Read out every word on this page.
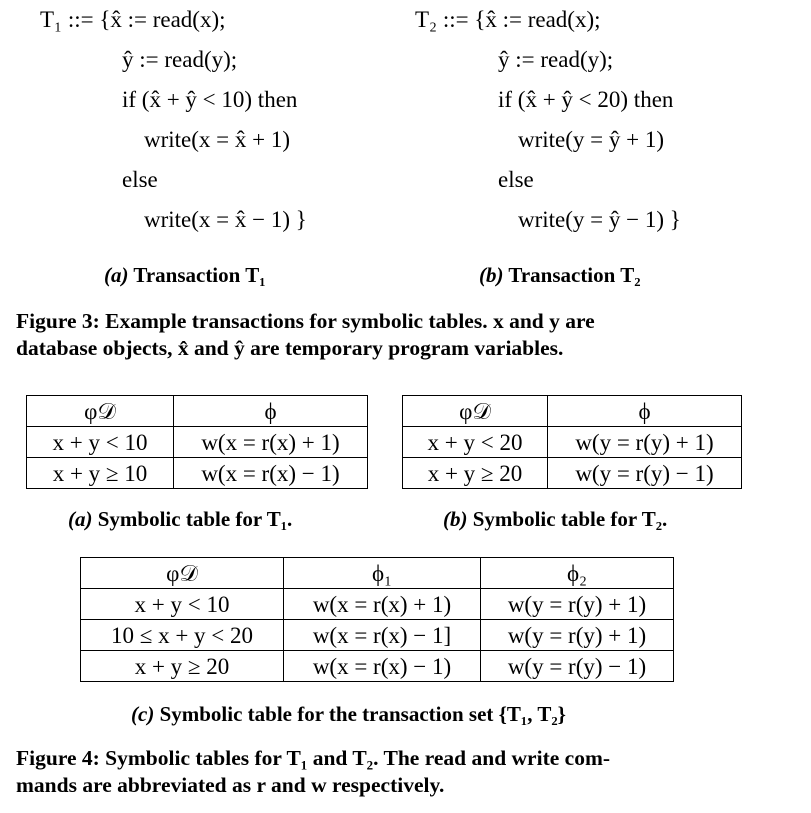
T₁ ::= {x̂ := read(x);
ŷ := read(y);
if (x̂ + ŷ < 10) then
write(x = x̂ + 1)
else
write(x = x̂ − 1) }
(a) Transaction T₁
T₂ ::= {x̂ := read(x);
ŷ := read(y);
if (x̂ + ŷ < 20) then
write(y = ŷ + 1)
else
write(y = ŷ − 1) }
(b) Transaction T₂
Figure 3: Example transactions for symbolic tables. x and y are
database objects, x̂ and ŷ are temporary program variables.
φ𝒟	ϕ
x + y < 10	w(x = r(x) + 1)
x + y ≥ 10	w(x = r(x) − 1)
(a) Symbolic table for T₁.
φ𝒟	ϕ
x + y < 20	w(y = r(y) + 1)
x + y ≥ 20	w(y = r(y) − 1)
(b) Symbolic table for T₂.
φ𝒟	ϕ₁	ϕ₂
x + y < 10	w(x = r(x) + 1)	w(y = r(y) + 1)
10 ≤ x + y < 20	w(x = r(x) − 1]	w(y = r(y) + 1)
x + y ≥ 20	w(x = r(x) − 1)	w(y = r(y) − 1)
(c) Symbolic table for the transaction set {T₁, T₂}
Figure 4: Symbolic tables for T₁ and T₂. The read and write com-
mands are abbreviated as r and w respectively.
